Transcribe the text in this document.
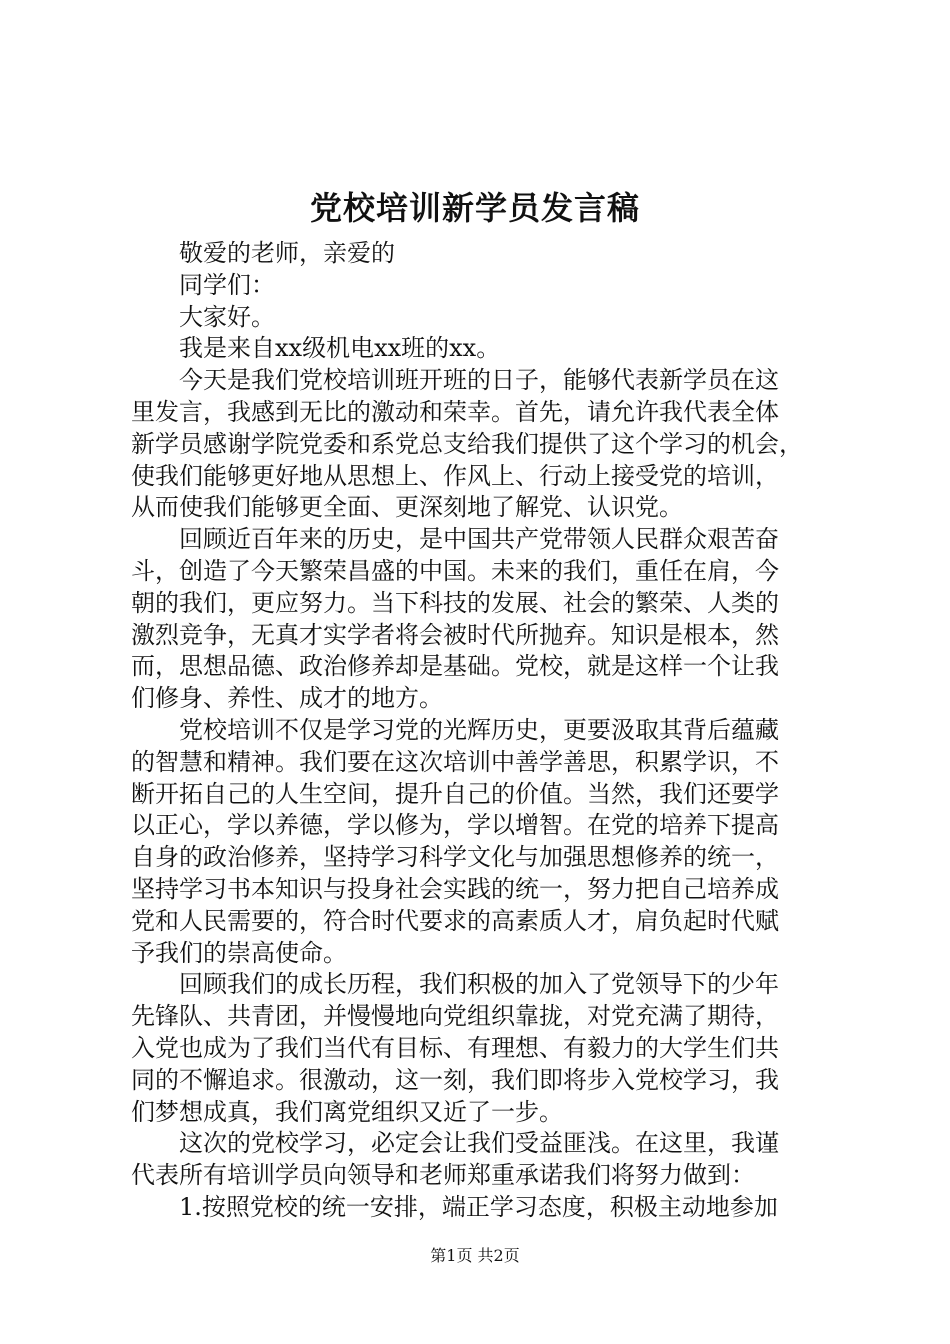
党校培训新学员发言稿
敬爱的老师，亲爱的
同学们：
大家好。
我是来自xx级机电xx班的xx。
今天是我们党校培训班开班的日子，能够代表新学员在这
里发言，我感到无比的激动和荣幸。首先，请允许我代表全体
新学员感谢学院党委和系党总支给我们提供了这个学习的机会，
使我们能够更好地从思想上、作风上、行动上接受党的培训，
从而使我们能够更全面、更深刻地了解党、认识党。
回顾近百年来的历史，是中国共产党带领人民群众艰苦奋
斗，创造了今天繁荣昌盛的中国。未来的我们，重任在肩，今
朝的我们，更应努力。当下科技的发展、社会的繁荣、人类的
激烈竞争，无真才实学者将会被时代所抛弃。知识是根本，然
而，思想品德、政治修养却是基础。党校，就是这样一个让我
们修身、养性、成才的地方。
党校培训不仅是学习党的光辉历史，更要汲取其背后蕴藏
的智慧和精神。我们要在这次培训中善学善思，积累学识，不
断开拓自己的人生空间，提升自己的价值。当然，我们还要学
以正心，学以养德，学以修为，学以增智。在党的培养下提高
自身的政治修养，坚持学习科学文化与加强思想修养的统一，
坚持学习书本知识与投身社会实践的统一，努力把自己培养成
党和人民需要的，符合时代要求的高素质人才，肩负起时代赋
予我们的崇高使命。
回顾我们的成长历程，我们积极的加入了党领导下的少年
先锋队、共青团，并慢慢地向党组织靠拢，对党充满了期待，
入党也成为了我们当代有目标、有理想、有毅力的大学生们共
同的不懈追求。很激动，这一刻，我们即将步入党校学习，我
们梦想成真，我们离党组织又近了一步。
这次的党校学习，必定会让我们受益匪浅。在这里，我谨
代表所有培训学员向领导和老师郑重承诺我们将努力做到：
1.按照党校的统一安排，端正学习态度，积极主动地参加
第1页 共2页
